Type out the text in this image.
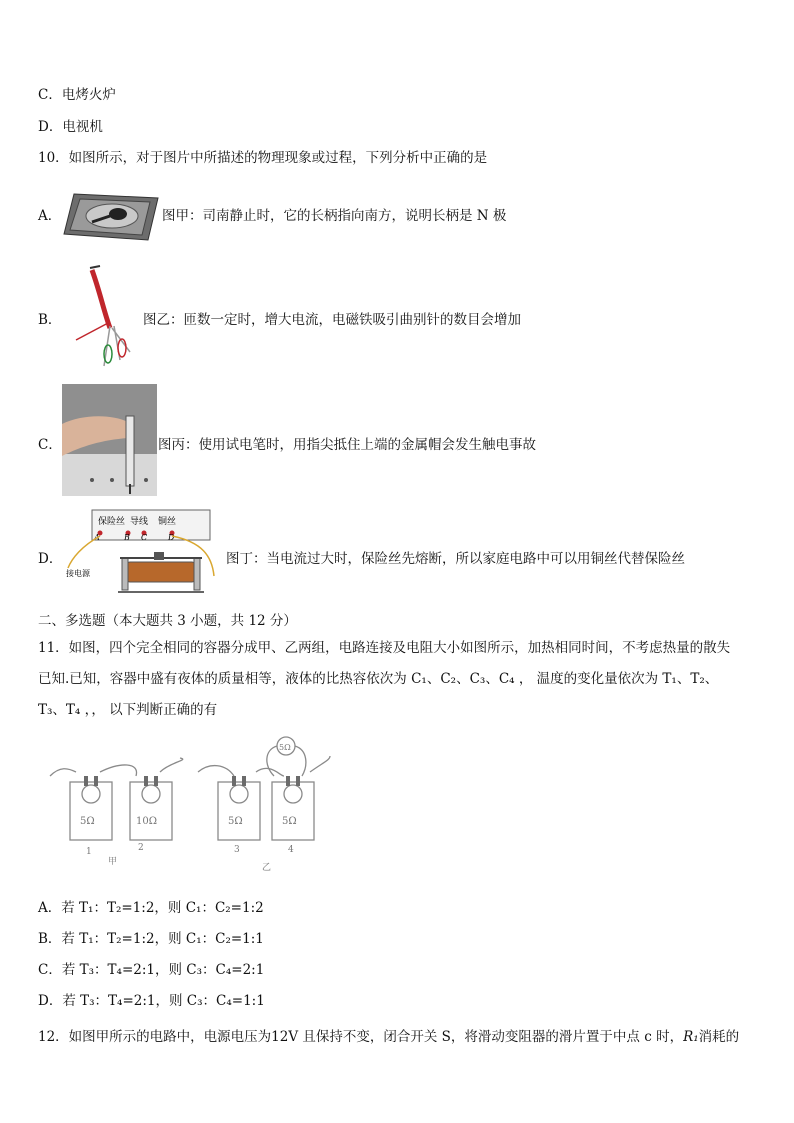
C．电烤火炉
D．电视机
10．如图所示，对于图片中所描述的物理现象或过程，下列分析中正确的是
A．	图甲：司南静止时，它的长柄指向南方，说明长柄是 N 极
B．	图乙：匝数一定时，增大电流，电磁铁吸引曲别针的数目会增加
C．	图丙：使用试电笔时，用指尖抵住上端的金属帽会发生触电事故
D．
保险丝 导线 铜丝
A	B C	D
接电源
图丁：当电流过大时，保险丝先熔断，所以家庭电路中可以用铜丝代替保险丝
二、多选题（本大题共 3 小题，共 12 分）
11．如图，四个完全相同的容器分成甲、乙两组，电路连接及电阻大小如图所示，加热相同时间，不考虑热量的散失
已知.已知，容器中盛有夜体的质量相等，液体的比热容依次为 C₁、C₂、C₃、C₄ ， 温度的变化量依次为 T₁、T₂、
T₃、T₄ ，， 以下判断正确的有
5Ω	10Ω	5Ω	5Ω
5Ω
1	2	3	4
甲
乙
A．若 T₁：T₂=1:2，则 C₁：C₂=1:2
B．若 T₁：T₂=1:2，则 C₁：C₂=1:1
C．若 T₃：T₄=2:1，则 C₃：C₄=2:1
D．若 T₃：T₄=2:1，则 C₃：C₄=1:1
12．如图甲所示的电路中，电源电压为12V 且保持不变，闭合开关 S，将滑动变阻器的滑片置于中点 c 时，R₁消耗的
